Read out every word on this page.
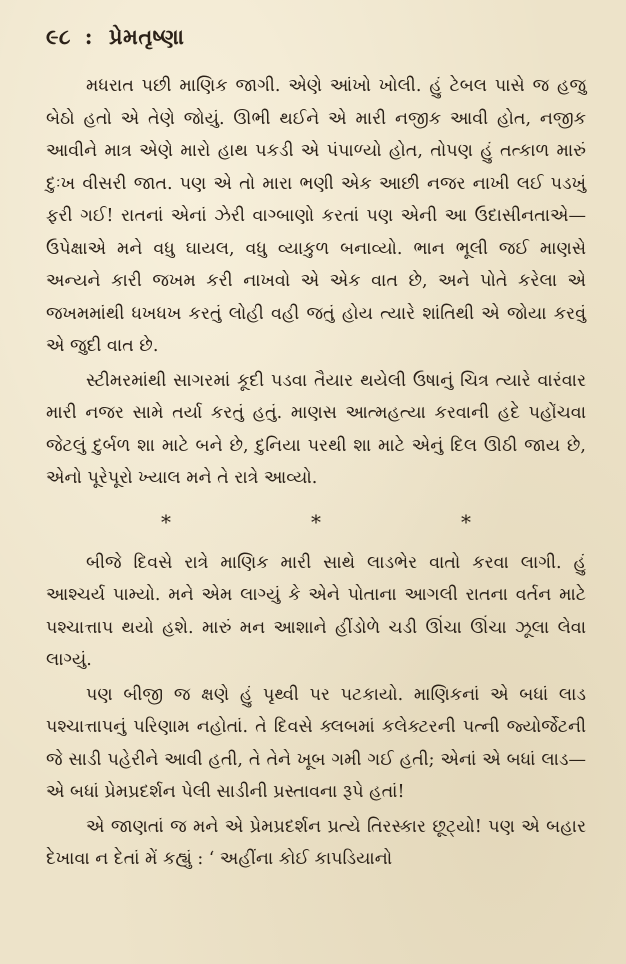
૯૮ : પ્રેમતૃષ્ણા

મધરાત પછી માણિક જાગી. એણે આંખો ખોલી. હું ટેબલ પાસે જ હજુ બેઠો હતો એ તેણે જોયું. ઊભી થઈને એ મારી નજીક આવી હોત, નજીક આવીને માત્ર એણે મારો હાથ પકડી એ પંપાળ્યો હોત, તોપણ હું તત્કાળ મારું દુઃખ વીસરી જાત. પણ એ તો મારા ભણી એક આછી નજર નાખી લઈ પડખું ફરી ગઈ! રાતનાં એનાં ઝેરી વાગ્બાણો કરતાં પણ એની આ ઉદાસીનતાએ—ઉપેક્ષાએ મને વધુ ઘાયલ, વધુ વ્યાકુળ બનાવ્યો. ભાન ભૂલી જઈ માણસે અન્યને કારી જખમ કરી નાખવો એ એક વાત છે, અને પોતે કરેલા એ જખમમાંથી ધખધખ કરતું લોહી વહી જતું હોય ત્યારે શાંતિથી એ જોયા કરવું એ જુદી વાત છે.

સ્ટીમરમાંથી સાગરમાં કૂદી પડવા તૈયાર થયેલી ઉષાનું ચિત્ર ત્યારે વારંવાર મારી નજર સામે તર્યા કરતું હતું. માણસ આત્મહત્યા કરવાની હદે પહોંચવા જેટલું દુર્બળ શા માટે બને છે, દુનિયા પરથી શા માટે એનું દિલ ઊઠી જાય છે, એનો પૂરેપૂરો ખ્યાલ મને તે રાત્રે આવ્યો.

*	*	*

બીજે દિવસે રાત્રે માણિક મારી સાથે લાડભેર વાતો કરવા લાગી. હું આશ્ચર્ય પામ્યો. મને એમ લાગ્યું કે એને પોતાના આગલી રાતના વર્તન માટે પશ્ચાત્તાપ થયો હશે. મારું મન આશાને હીંડોળે ચડી ઊંચા ઊંચા ઝૂલા લેવા લાગ્યું.

પણ બીજી જ ક્ષણે હું પૃથ્વી પર પટકાયો. માણિકનાં એ બધાં લાડ પશ્ચાત્તાપનું પરિણામ નહોતાં. તે દિવસે ક્લબમાં કલેક્ટરની પત્ની જ્યોર્જેટની જે સાડી પહેરીને આવી હતી, તે તેને ખૂબ ગમી ગઈ હતી; એનાં એ બધાં લાડ—એ બધાં પ્રેમપ્રદર્શન પેલી સાડીની પ્રસ્તાવના રૂપે હતાં!

એ જાણતાં જ મને એ પ્રેમપ્રદર્શન પ્રત્યે તિરસ્કાર છૂટ્યો! પણ એ બહાર દેખાવા ન દેતાં મેં કહ્યું : ‘ અહીંના કોઈ કાપડિયાનો
